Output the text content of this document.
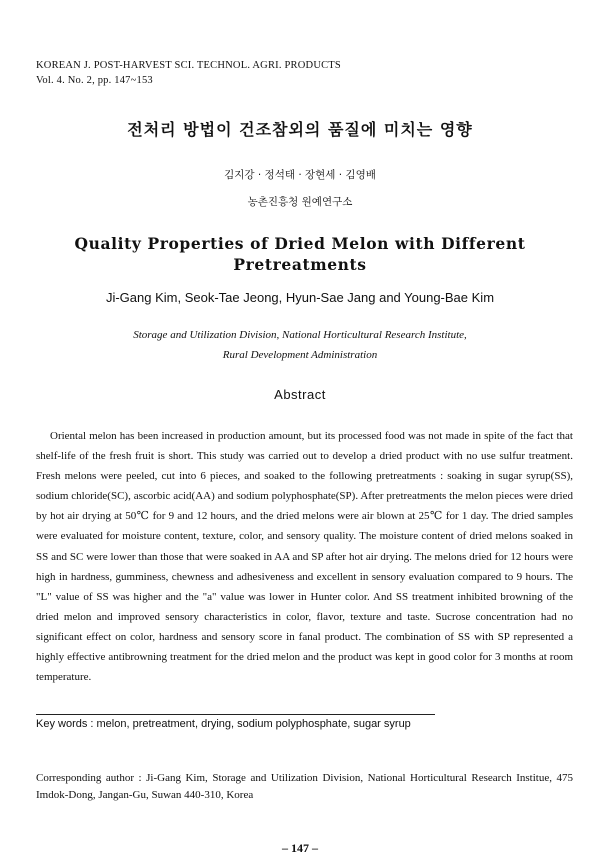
KOREAN J. POST-HARVEST SCI. TECHNOL. AGRI. PRODUCTS
Vol. 4. No. 2, pp. 147~153
전처리 방법이 건조참외의 품질에 미치는 영향
김지강 · 정석태 · 장현세 · 김영배
농촌진흥청 원예연구소
Quality Properties of Dried Melon with Different
Pretreatments
Ji-Gang Kim, Seok-Tae Jeong, Hyun-Sae Jang and Young-Bae Kim
Storage and Utilization Division, National Horticultural Research Institute,
Rural Development Administration
Abstract
Oriental melon has been increased in production amount, but its processed food was not made in spite of the fact that shelf-life of the fresh fruit is short. This study was carried out to develop a dried product with no use sulfur treatment. Fresh melons were peeled, cut into 6 pieces, and soaked to the following pretreatments : soaking in sugar syrup(SS), sodium chloride(SC), ascorbic acid(AA) and sodium polyphosphate(SP). After pretreatments the melon pieces were dried by hot air drying at 50℃ for 9 and 12 hours, and the dried melons were air blown at 25℃ for 1 day. The dried samples were evaluated for moisture content, texture, color, and sensory quality. The moisture content of dried melons soaked in SS and SC were lower than those that were soaked in AA and SP after hot air drying. The melons dried for 12 hours were high in hardness, gumminess, chewness and adhesiveness and excellent in sensory evaluation compared to 9 hours. The "L" value of SS was higher and the "a" value was lower in Hunter color. And SS treatment inhibited browning of the dried melon and improved sensory characteristics in color, flavor, texture and taste. Sucrose concentration had no significant effect on color, hardness and sensory score in fanal product. The combination of SS with SP represented a highly effective antibrowning treatment for the dried melon and the product was kept in good color for 3 months at room temperature.
Key words : melon, pretreatment, drying, sodium polyphosphate, sugar syrup
Corresponding author : Ji-Gang Kim, Storage and Utilization Division, National Horticultural Research Institue, 475 Imdok-Dong, Jangan-Gu, Suwan 440-310, Korea
– 147 –
